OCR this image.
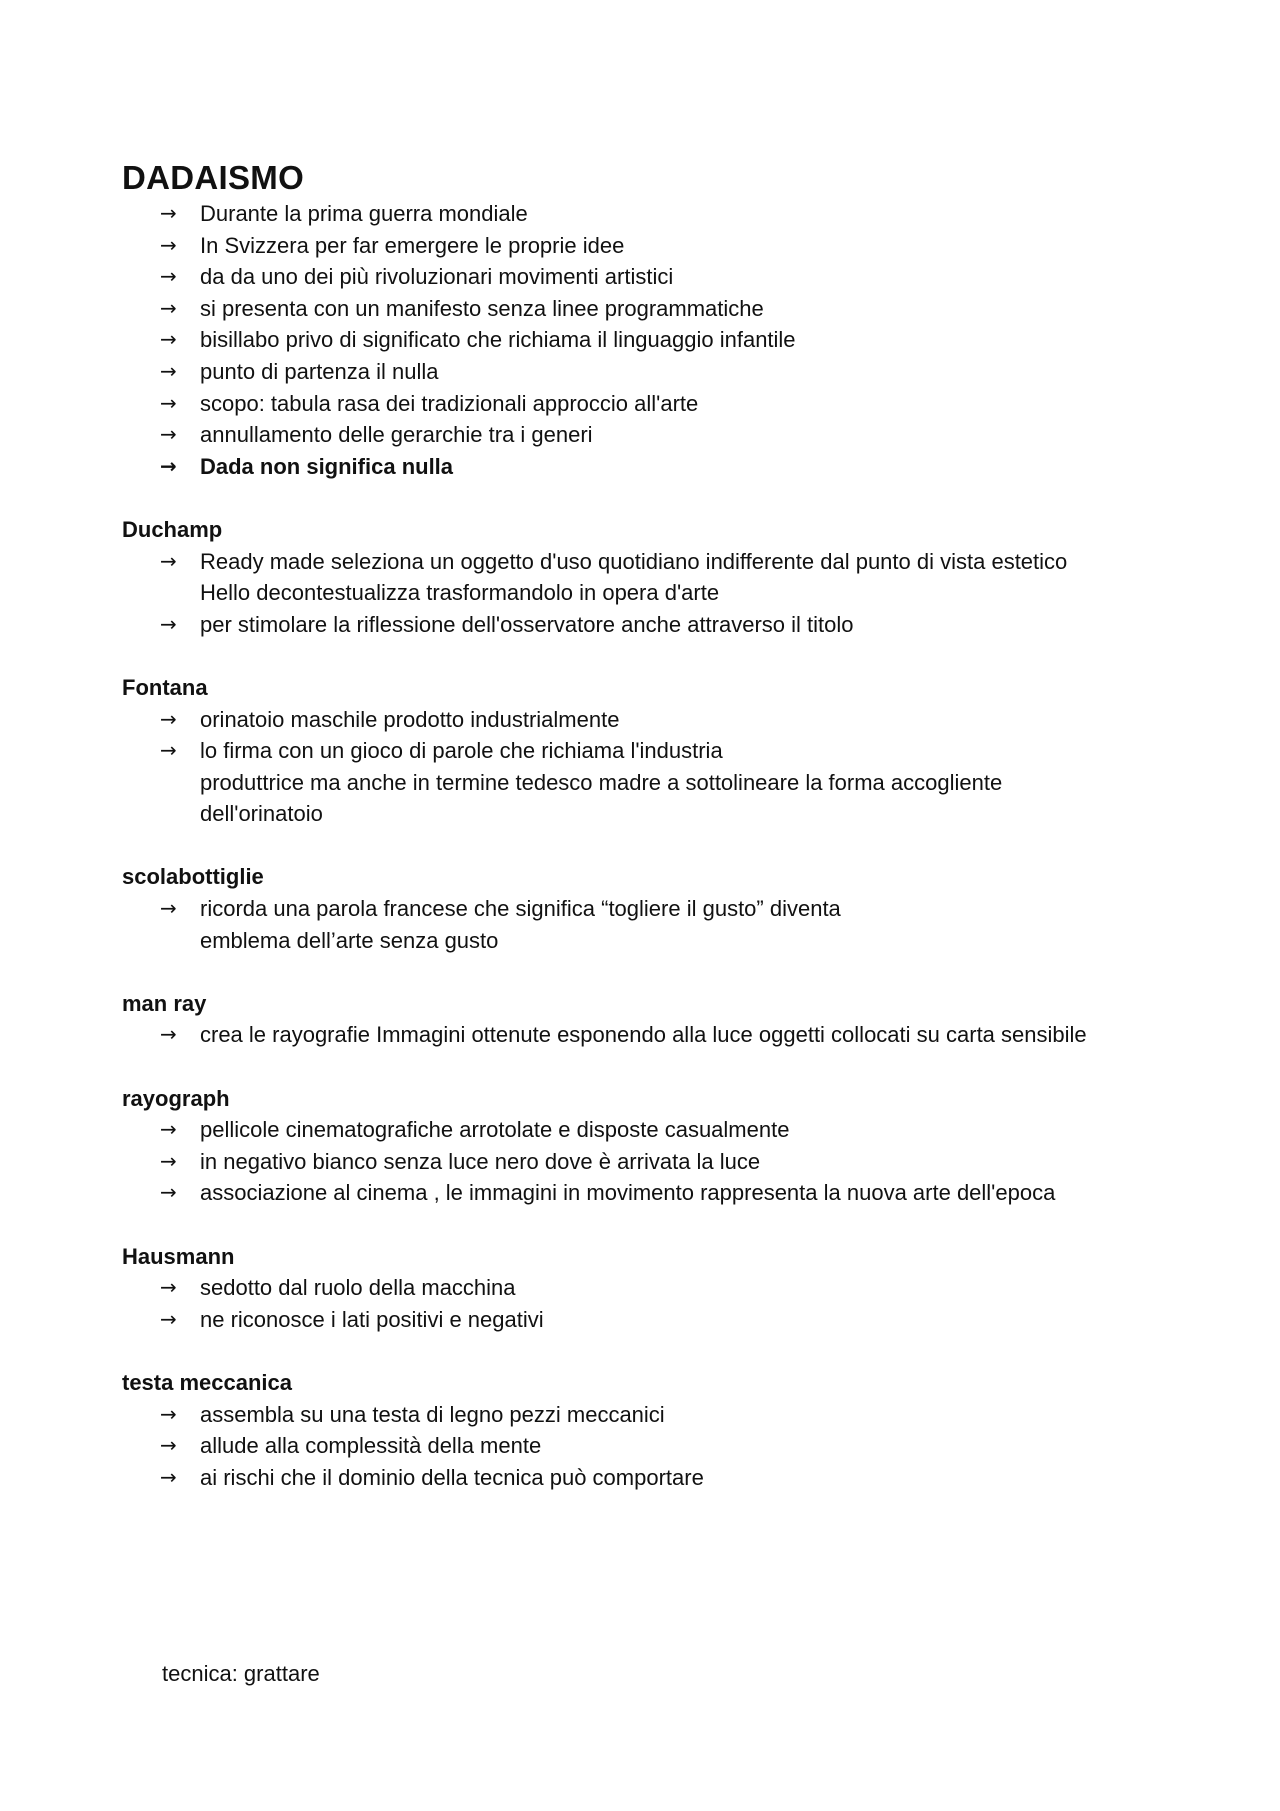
DADAISMO
→ Durante la prima guerra mondiale
→ In Svizzera per far emergere le proprie idee
→ da da uno dei più rivoluzionari movimenti artistici
→ si presenta con un manifesto senza linee programmatiche
→ bisillabo privo di significato che richiama il linguaggio infantile
→ punto di partenza il nulla
→ scopo: tabula rasa dei tradizionali approccio all'arte
→ annullamento delle gerarchie tra i generi
→ Dada non significa nulla
Duchamp
→ Ready made seleziona un oggetto d'uso quotidiano indifferente dal punto di vista estetico
Hello decontestualizza trasformandolo in opera d'arte
→ per stimolare la riflessione dell'osservatore anche attraverso il titolo
Fontana
→ orinatoio maschile prodotto industrialmente
→ lo firma con un gioco di parole che richiama l'industria
produttrice ma anche in termine tedesco madre a sottolineare la forma accogliente
dell'orinatoio
scolabottiglie
→ ricorda una parola francese che significa “togliere il gusto” diventa
emblema dell’arte senza gusto
man ray
→ crea le rayografie Immagini ottenute esponendo alla luce oggetti collocati su carta sensibile
rayograph
→ pellicole cinematografiche arrotolate e disposte casualmente
→ in negativo bianco senza luce nero dove è arrivata la luce
→ associazione al cinema , le immagini in movimento rappresenta la nuova arte dell'epoca
Hausmann
→ sedotto dal ruolo della macchina
→ ne riconosce i lati positivi e negativi
testa meccanica
→ assembla su una testa di legno pezzi meccanici
→ allude alla complessità della mente
→ ai rischi che il dominio della tecnica può comportare
tecnica: grattare
